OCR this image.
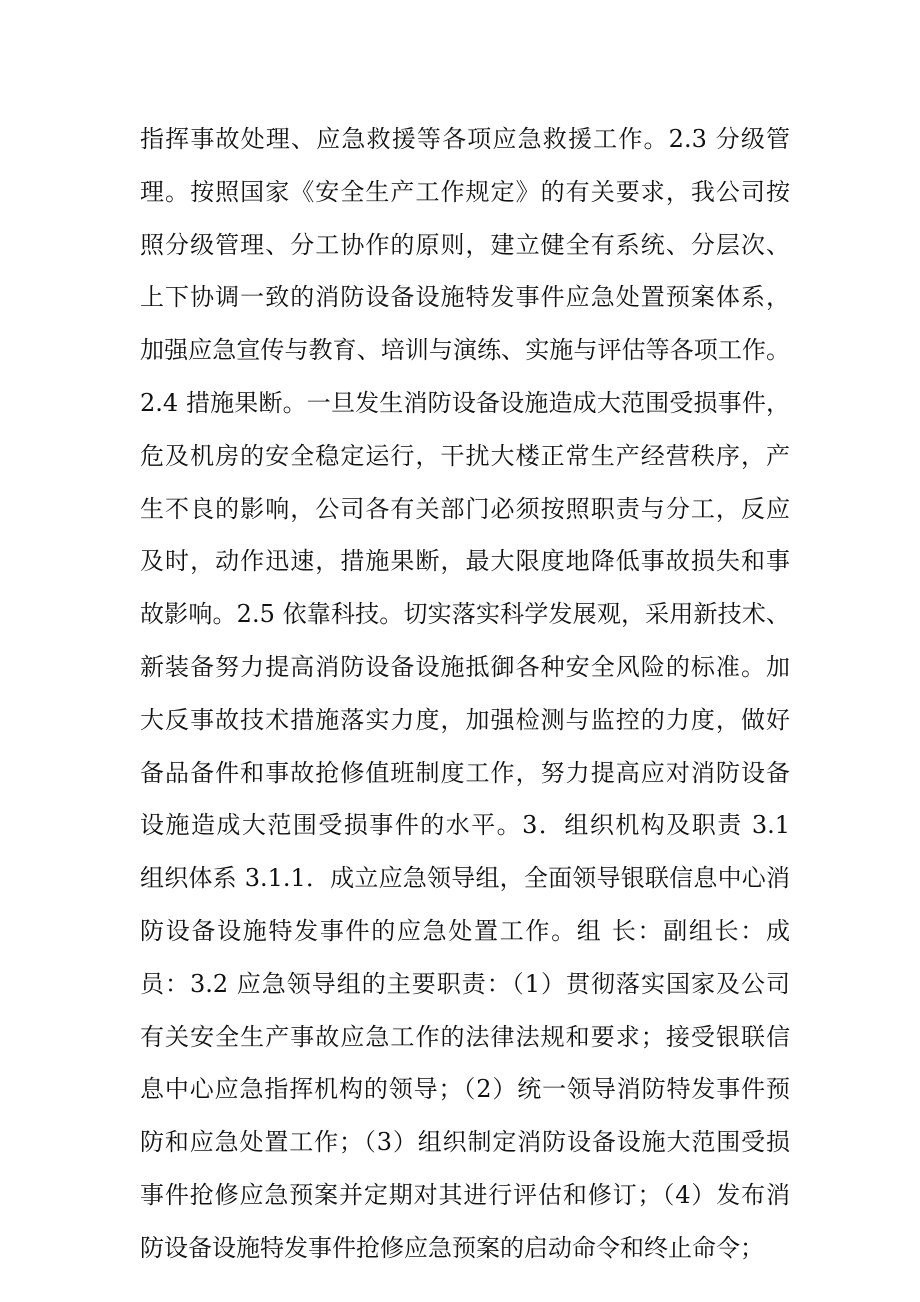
指挥事故处理、应急救援等各项应急救援工作。2.3 分级管
理。按照国家《安全生产工作规定》的有关要求，我公司按
照分级管理、分工协作的原则，建立健全有系统、分层次、
上下协调一致的消防设备设施特发事件应急处置预案体系，
加强应急宣传与教育、培训与演练、实施与评估等各项工作。
2.4 措施果断。一旦发生消防设备设施造成大范围受损事件，
危及机房的安全稳定运行，干扰大楼正常生产经营秩序，产
生不良的影响，公司各有关部门必须按照职责与分工，反应
及时，动作迅速，措施果断，最大限度地降低事故损失和事
故影响。2.5 依靠科技。切实落实科学发展观，采用新技术、
新装备努力提高消防设备设施抵御各种安全风险的标准。加
大反事故技术措施落实力度，加强检测与监控的力度，做好
备品备件和事故抢修值班制度工作，努力提高应对消防设备
设施造成大范围受损事件的水平。3．组织机构及职责 3.1
组织体系 3.1.1．成立应急领导组，全面领导银联信息中心消
防设备设施特发事件的应急处置工作。组 长：副组长：成
员：3.2 应急领导组的主要职责：（1）贯彻落实国家及公司
有关安全生产事故应急工作的法律法规和要求；接受银联信
息中心应急指挥机构的领导；（2）统一领导消防特发事件预
防和应急处置工作；（3）组织制定消防设备设施大范围受损
事件抢修应急预案并定期对其进行评估和修订；（4）发布消
防设备设施特发事件抢修应急预案的启动命令和终止命令；
